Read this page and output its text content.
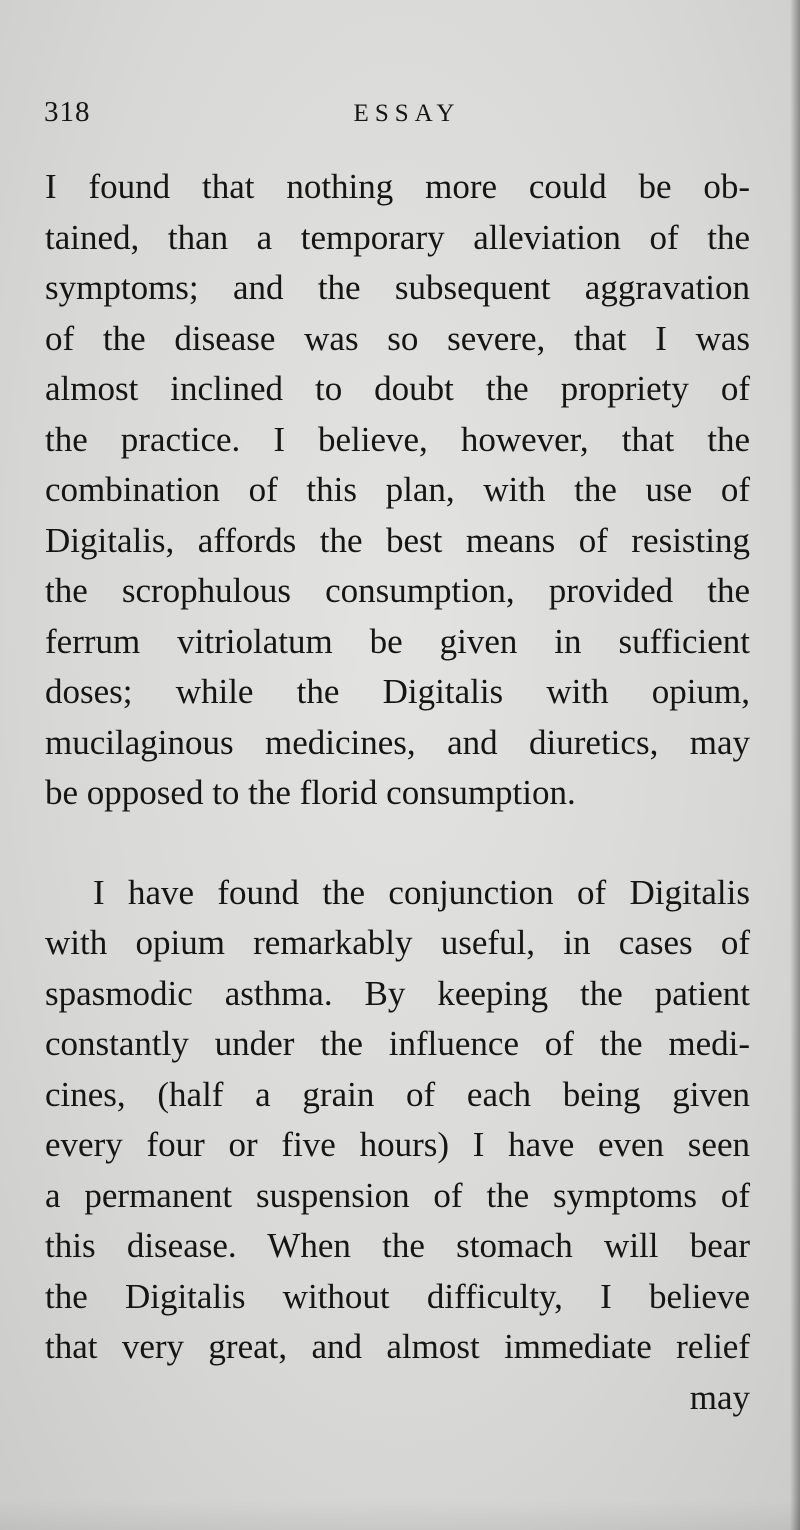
318	ESSAY
I found that nothing more could be ob-
tained, than a temporary alleviation of the
symptoms; and the subsequent aggravation
of the disease was so severe, that I was
almost inclined to doubt the propriety of
the practice. I believe, however, that the
combination of this plan, with the use of
Digitalis, affords the best means of resisting
the scrophulous consumption, provided the
ferrum vitriolatum be given in sufficient
doses; while the Digitalis with opium,
mucilaginous medicines, and diuretics, may
be opposed to the florid consumption.
I have found the conjunction of Digitalis
with opium remarkably useful, in cases of
spasmodic asthma. By keeping the patient
constantly under the influence of the medi-
cines, (half a grain of each being given
every four or five hours) I have even seen
a permanent suspension of the symptoms of
this disease. When the stomach will bear
the Digitalis without difficulty, I believe
that very great, and almost immediate relief
may
